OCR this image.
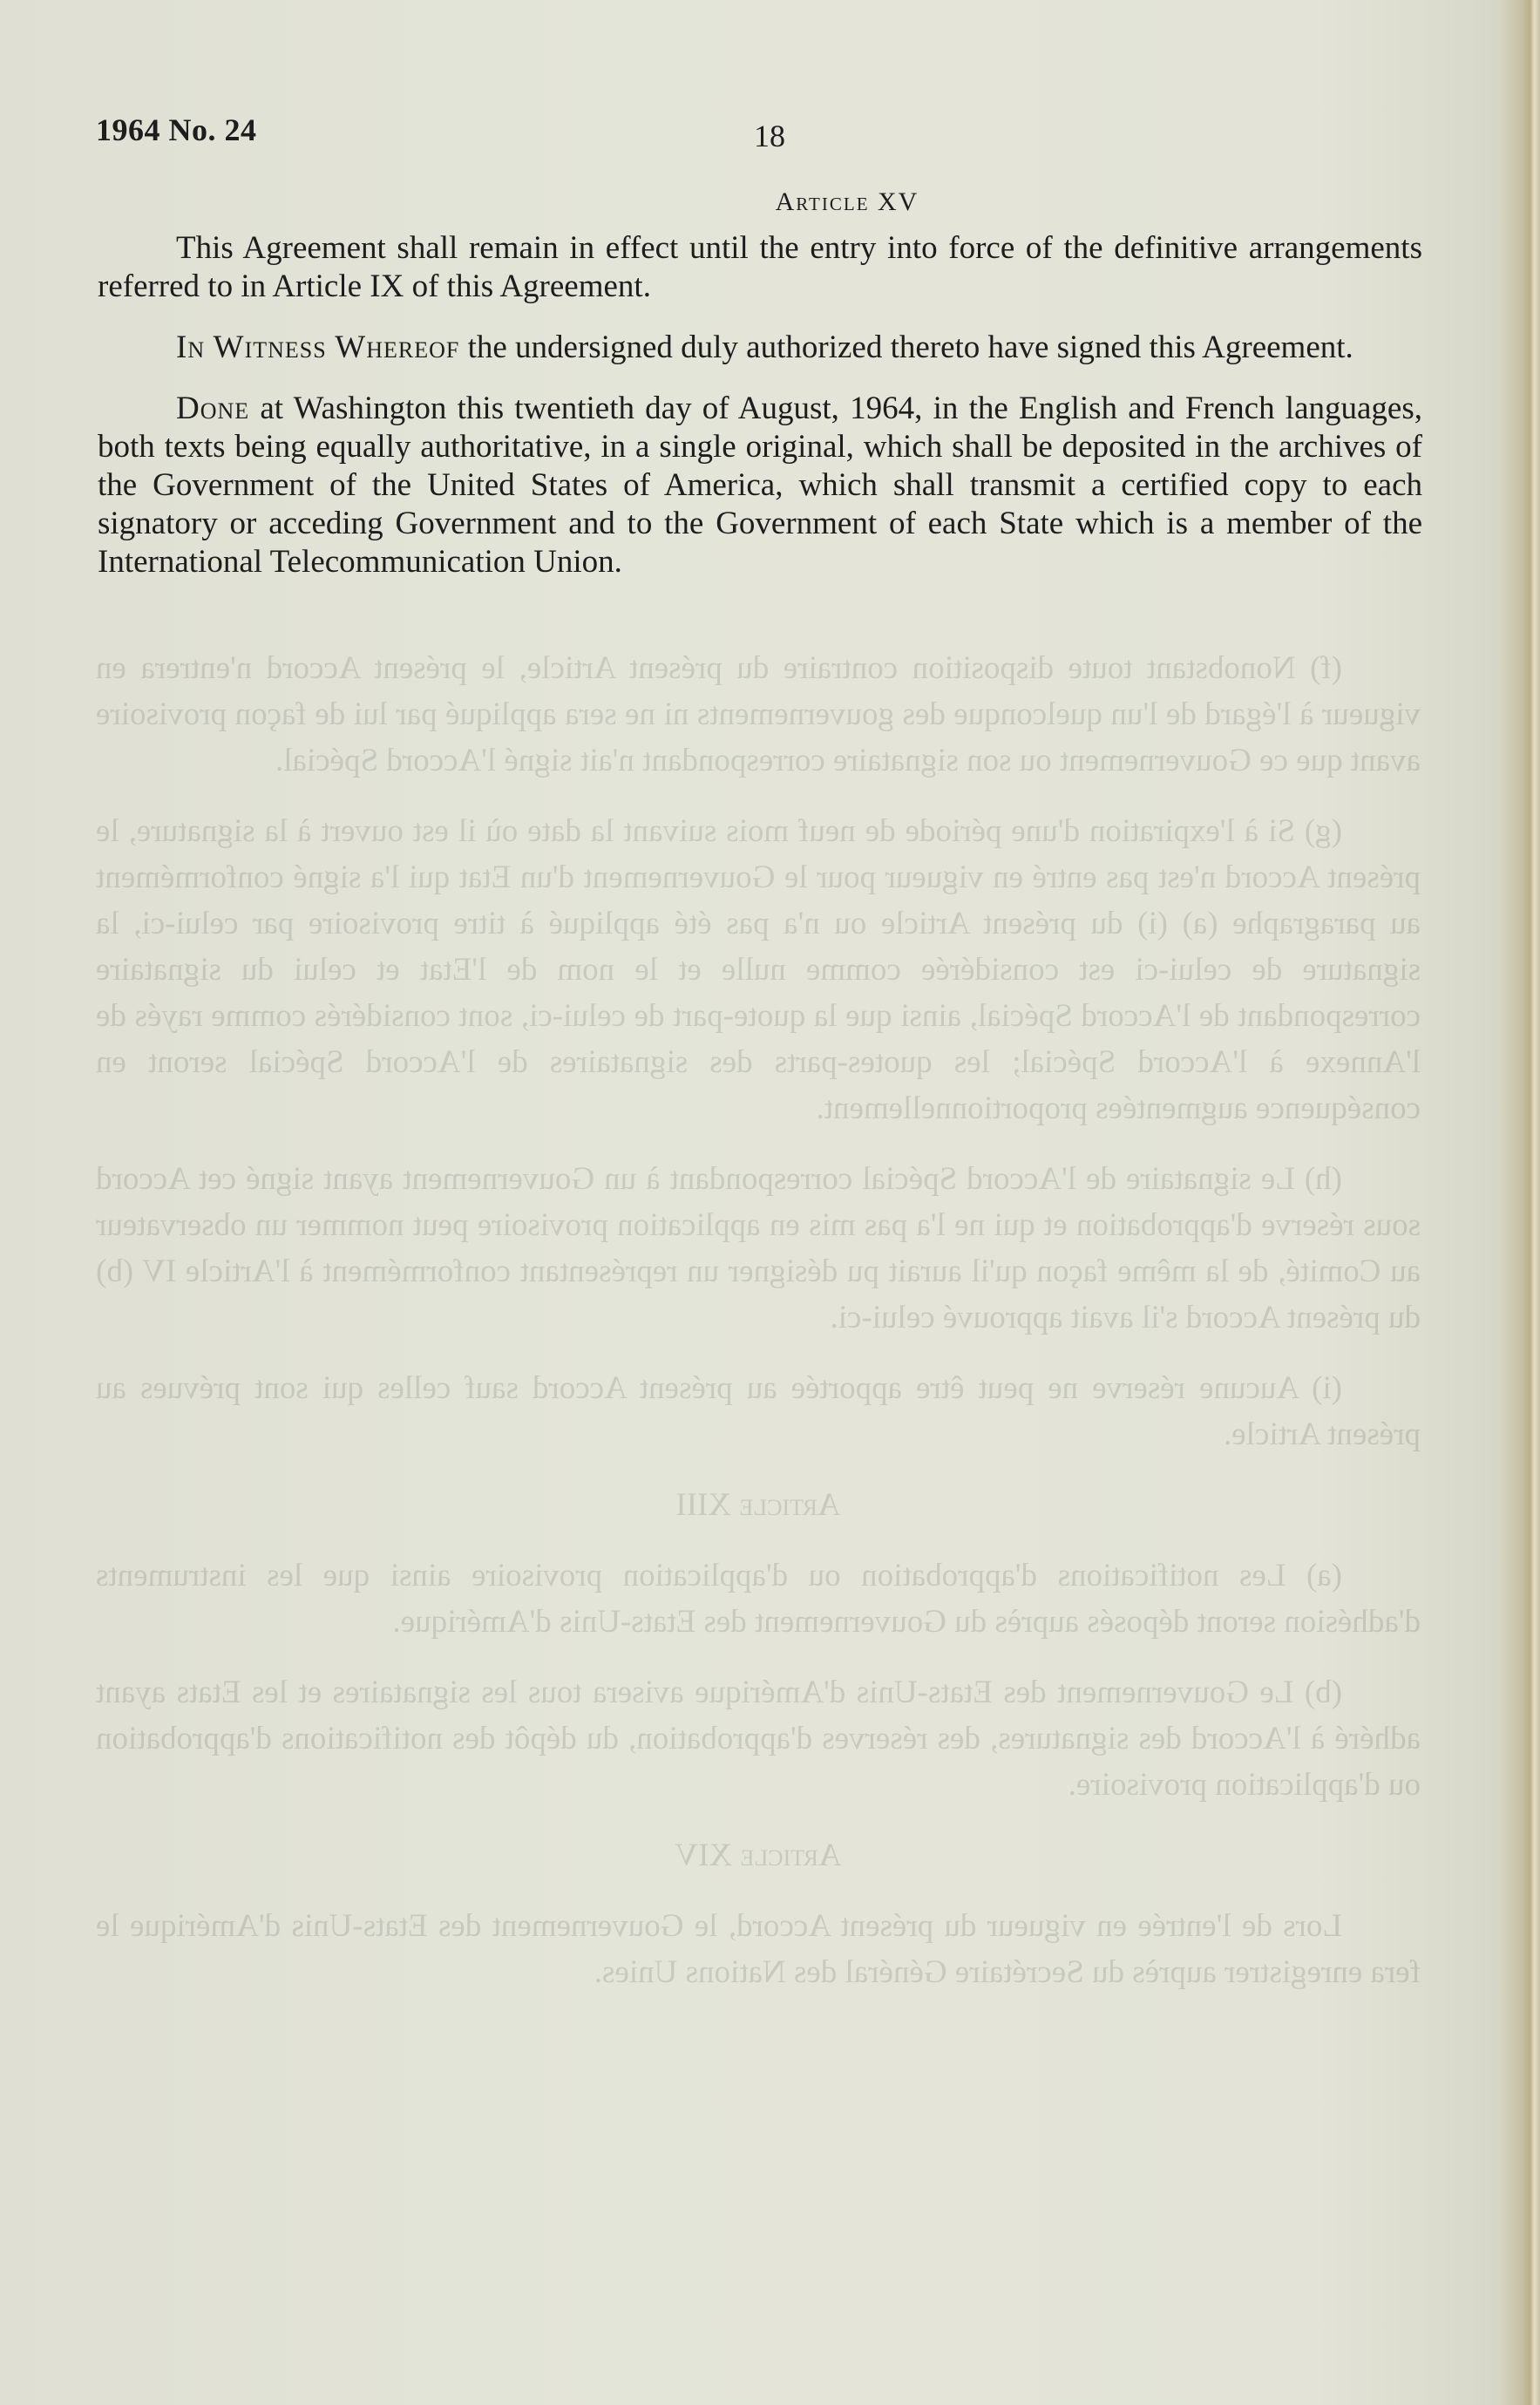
(f) Nonobstant toute disposition contraire du présent Article, le présent Accord n'entrera en vigueur à l'égard de l'un quelconque des gouvernements ni ne sera appliqué par lui de façon provisoire avant que ce Gouvernement ou son signataire correspondant n'ait signé l'Accord Spécial.

(g) Si à l'expiration d'une période de neuf mois suivant la date où il est ouvert à la signature, le présent Accord n'est pas entré en vigueur pour le Gouvernement d'un Etat qui l'a signé conformément au paragraphe (a) (i) du présent Article ou n'a pas été appliqué à titre provisoire par celui-ci, la signature de celui-ci est considérée comme nulle et le nom de l'Etat et celui du signataire correspondant de l'Accord Spécial, ainsi que la quote-part de celui-ci, sont considérés comme rayés de l'Annexe à l'Accord Spécial; les quotes-parts des signataires de l'Accord Spécial seront en conséquence augmentées proportionnellement.

(h) Le signataire de l'Accord Spécial correspondant à un Gouvernement ayant signé cet Accord sous réserve d'approbation et qui ne l'a pas mis en application provisoire peut nommer un observateur au Comité, de la même façon qu'il aurait pu désigner un représentant conformément à l'Article IV (b) du présent Accord s'il avait approuvé celui-ci.

(i) Aucune réserve ne peut être apportée au présent Accord sauf celles qui sont prévues au présent Article.

Article XIII

(a) Les notifications d'approbation ou d'application provisoire ainsi que les instruments d'adhésion seront déposés auprès du Gouvernement des Etats-Unis d'Amérique.

(b) Le Gouvernement des Etats-Unis d'Amérique avisera tous les signataires et les Etats ayant adhéré à l'Accord des signatures, des réserves d'approbation, du dépôt des notifications d'approbation ou d'application provisoire.

Article XIV

Lors de l'entrée en vigueur du présent Accord, le Gouvernement des Etats-Unis d'Amérique le fera enregistrer auprès du Secrétaire Général des Nations Unies.

1964 No. 24	18
Article XV

This Agreement shall remain in effect until the entry into force of the definitive arrangements referred to in Article IX of this Agreement.

In Witness Whereof the undersigned duly authorized thereto have signed this Agreement.

Done at Washington this twentieth day of August, 1964, in the English and French languages, both texts being equally authoritative, in a single original, which shall be deposited in the archives of the Government of the United States of America, which shall transmit a certified copy to each signatory or acceding Government and to the Government of each State which is a member of the International Telecommunication Union.
